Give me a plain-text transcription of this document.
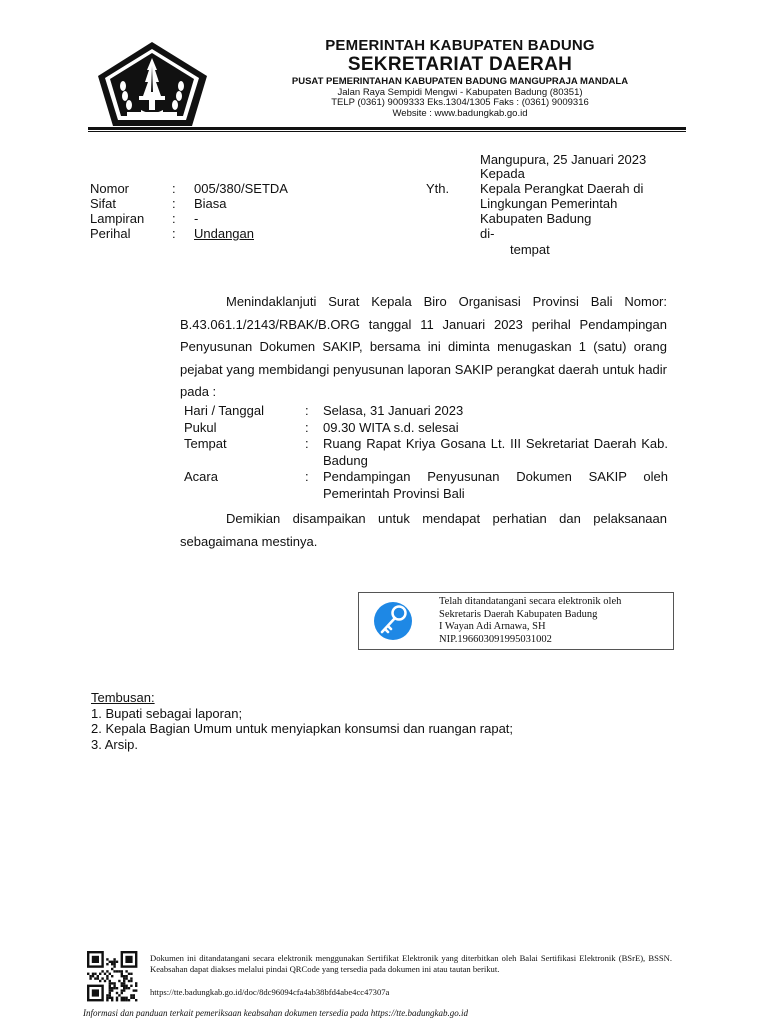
PEMERINTAH KABUPATEN BADUNG
SEKRETARIAT DAERAH
PUSAT PEMERINTAHAN KABUPATEN BADUNG MANGUPRAJA MANDALA
Jalan Raya Sempidi Mengwi - Kabupaten Badung (80351)
TELP (0361) 9009333 Eks.1304/1305 Faks : (0361) 9009316
Website : www.badungkab.go.id
Mangupura, 25 Januari 2023
Kepada
Yth. Kepala Perangkat Daerah di
Lingkungan Pemerintah
Kabupaten Badung
di-
tempat
Nomor	:	005/380/SETDA
Sifat	:	Biasa
Lampiran	:	-
Perihal	:	Undangan
Menindaklanjuti Surat Kepala Biro Organisasi Provinsi Bali Nomor: B.43.061.1/2143/RBAK/B.ORG tanggal 11 Januari 2023 perihal Pendampingan Penyusunan Dokumen SAKIP, bersama ini diminta menugaskan 1 (satu) orang pejabat yang membidangi penyusunan laporan SAKIP perangkat daerah untuk hadir pada :
Hari / Tanggal	:	Selasa, 31 Januari 2023
Pukul	:	09.30 WITA s.d. selesai
Tempat	:	Ruang Rapat Kriya Gosana Lt. III Sekretariat Daerah Kab. Badung
Acara	:	Pendampingan Penyusunan Dokumen SAKIP oleh Pemerintah Provinsi Bali
Demikian disampaikan untuk mendapat perhatian dan pelaksanaan sebagaimana mestinya.
Telah ditandatangani secara elektronik oleh
Sekretaris Daerah Kabupaten Badung
I Wayan Adi Arnawa, SH
NIP.196603091995031002
Tembusan:
1. Bupati sebagai laporan;
2. Kepala Bagian Umum untuk menyiapkan konsumsi dan ruangan rapat;
3. Arsip.
Dokumen ini ditandatangani secara elektronik menggunakan Sertifikat Elektronik yang diterbitkan oleh Balai Sertifikasi Elektronik (BSrE), BSSN. Keabsahan dapat diakses melalui pindai QRCode yang tersedia pada dokumen ini atau tautan berikut.
https://tte.badungkab.go.id/doc/8dc96094cfa4ab38bfd4abe4cc47307a
Informasi dan panduan terkait pemeriksaan keabsahan dokumen tersedia pada https://tte.badungkab.go.id
